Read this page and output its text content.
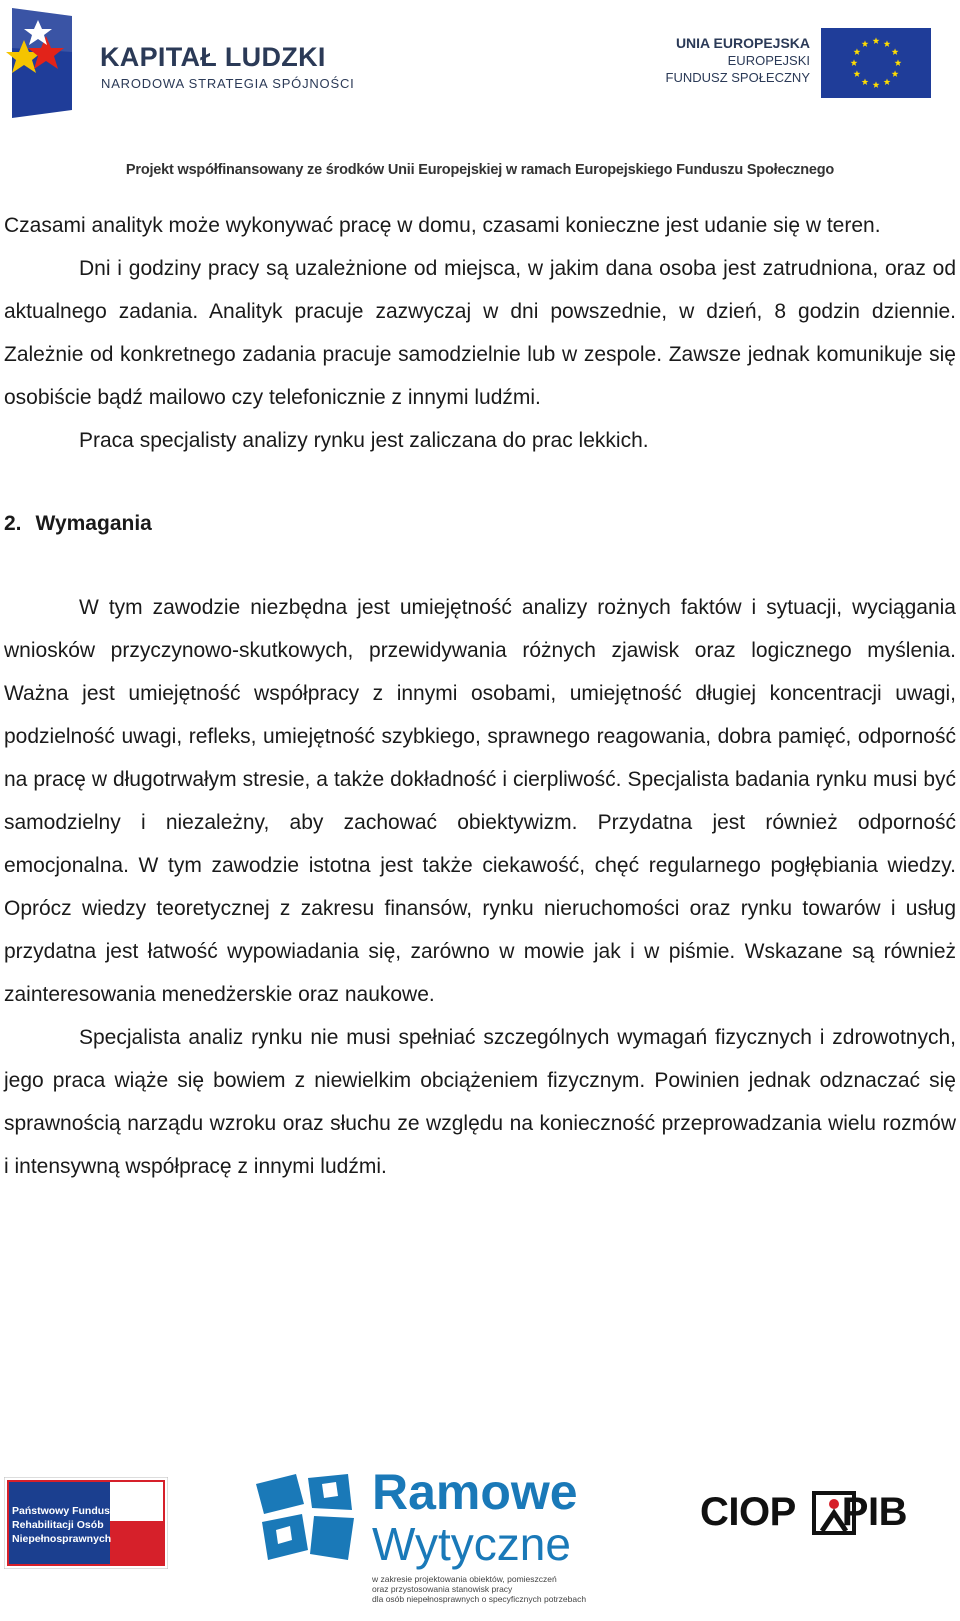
KAPITAŁ LUDZKI
NARODOWA STRATEGIA SPÓJNOŚCI
UNIA EUROPEJSKA
EUROPEJSKI
FUNDUSZ SPOŁECZNY
Projekt współfinansowany ze środków Unii Europejskiej w ramach Europejskiego Funduszu Społecznego

Czasami analityk może wykonywać pracę w domu, czasami konieczne jest udanie się w teren.

Dni i godziny pracy są uzależnione od miejsca, w jakim dana osoba jest zatrudniona, oraz od aktualnego zadania. Analityk pracuje zazwyczaj w dni powszednie, w dzień, 8 godzin dziennie. Zależnie od konkretnego zadania pracuje samodzielnie lub w zespole. Zawsze jednak komunikuje się osobiście bądź mailowo czy telefonicznie z innymi ludźmi.

Praca specjalisty analizy rynku jest zaliczana do prac lekkich.

2. Wymagania

W tym zawodzie niezbędna jest umiejętność analizy rożnych faktów i sytuacji, wyciągania wniosków przyczynowo-skutkowych, przewidywania różnych zjawisk oraz logicznego myślenia. Ważna jest umiejętność współpracy z innymi osobami, umiejętność długiej koncentracji uwagi, podzielność uwagi, refleks, umiejętność szybkiego, sprawnego reagowania, dobra pamięć, odporność na pracę w długotrwałym stresie, a także dokładność i cierpliwość. Specjalista badania rynku musi być samodzielny i niezależny, aby zachować obiektywizm. Przydatna jest również odporność emocjonalna. W tym zawodzie istotna jest także ciekawość, chęć regularnego pogłębiania wiedzy. Oprócz wiedzy teoretycznej z zakresu finansów, rynku nieruchomości oraz rynku towarów i usług przydatna jest łatwość wypowiadania się, zarówno w mowie jak i w piśmie. Wskazane są również zainteresowania menedżerskie oraz naukowe.

Specjalista analiz rynku nie musi spełniać szczególnych wymagań fizycznych i zdrowotnych, jego praca wiąże się bowiem z niewielkim obciążeniem fizycznym. Powinien jednak odznaczać się sprawnością narządu wzroku oraz słuchu ze względu na konieczność przeprowadzania wielu rozmów i intensywną współpracę z innymi ludźmi.

Państwowy Fundusz
Rehabilitacji Osób
Niepełnosprawnych
Ramowe
Wytyczne
w zakresie projektowania obiektów, pomieszczeń
oraz przystosowania stanowisk pracy
dla osób niepełnosprawnych o specyficznych potrzebach
CIOP PIB
